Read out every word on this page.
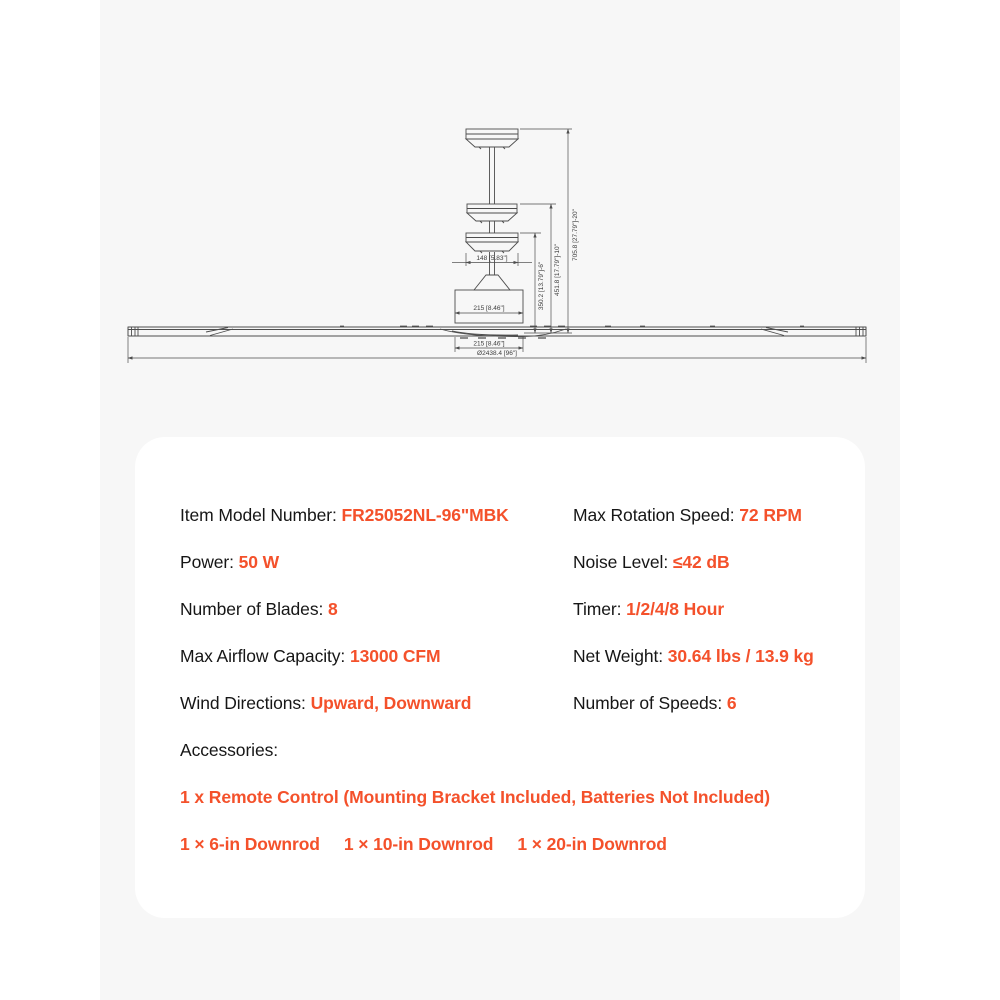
148 [5.83"]
215 [8.46"]
215 [8.46"]
Ø2438.4 [96"]
350.2 [13.79"]-6" 451.8 [17.79"]-10"
705.8 [27.79"]-20"
Item Model Number: FR25052NL-96"MBK	Max Rotation Speed: 72 RPM
Power: 50 W	Noise Level: ≤42 dB
Number of Blades: 8	Timer: 1/2/4/8 Hour
Max Airflow Capacity: 13000 CFM	Net Weight: 30.64 lbs / 13.9 kg
Wind Directions: Upward, Downward	Number of Speeds: 6
Accessories:
1 x Remote Control (Mounting Bracket Included, Batteries Not Included)
1 × 6-in Downrod 1 × 10-in Downrod 1 × 20-in Downrod
